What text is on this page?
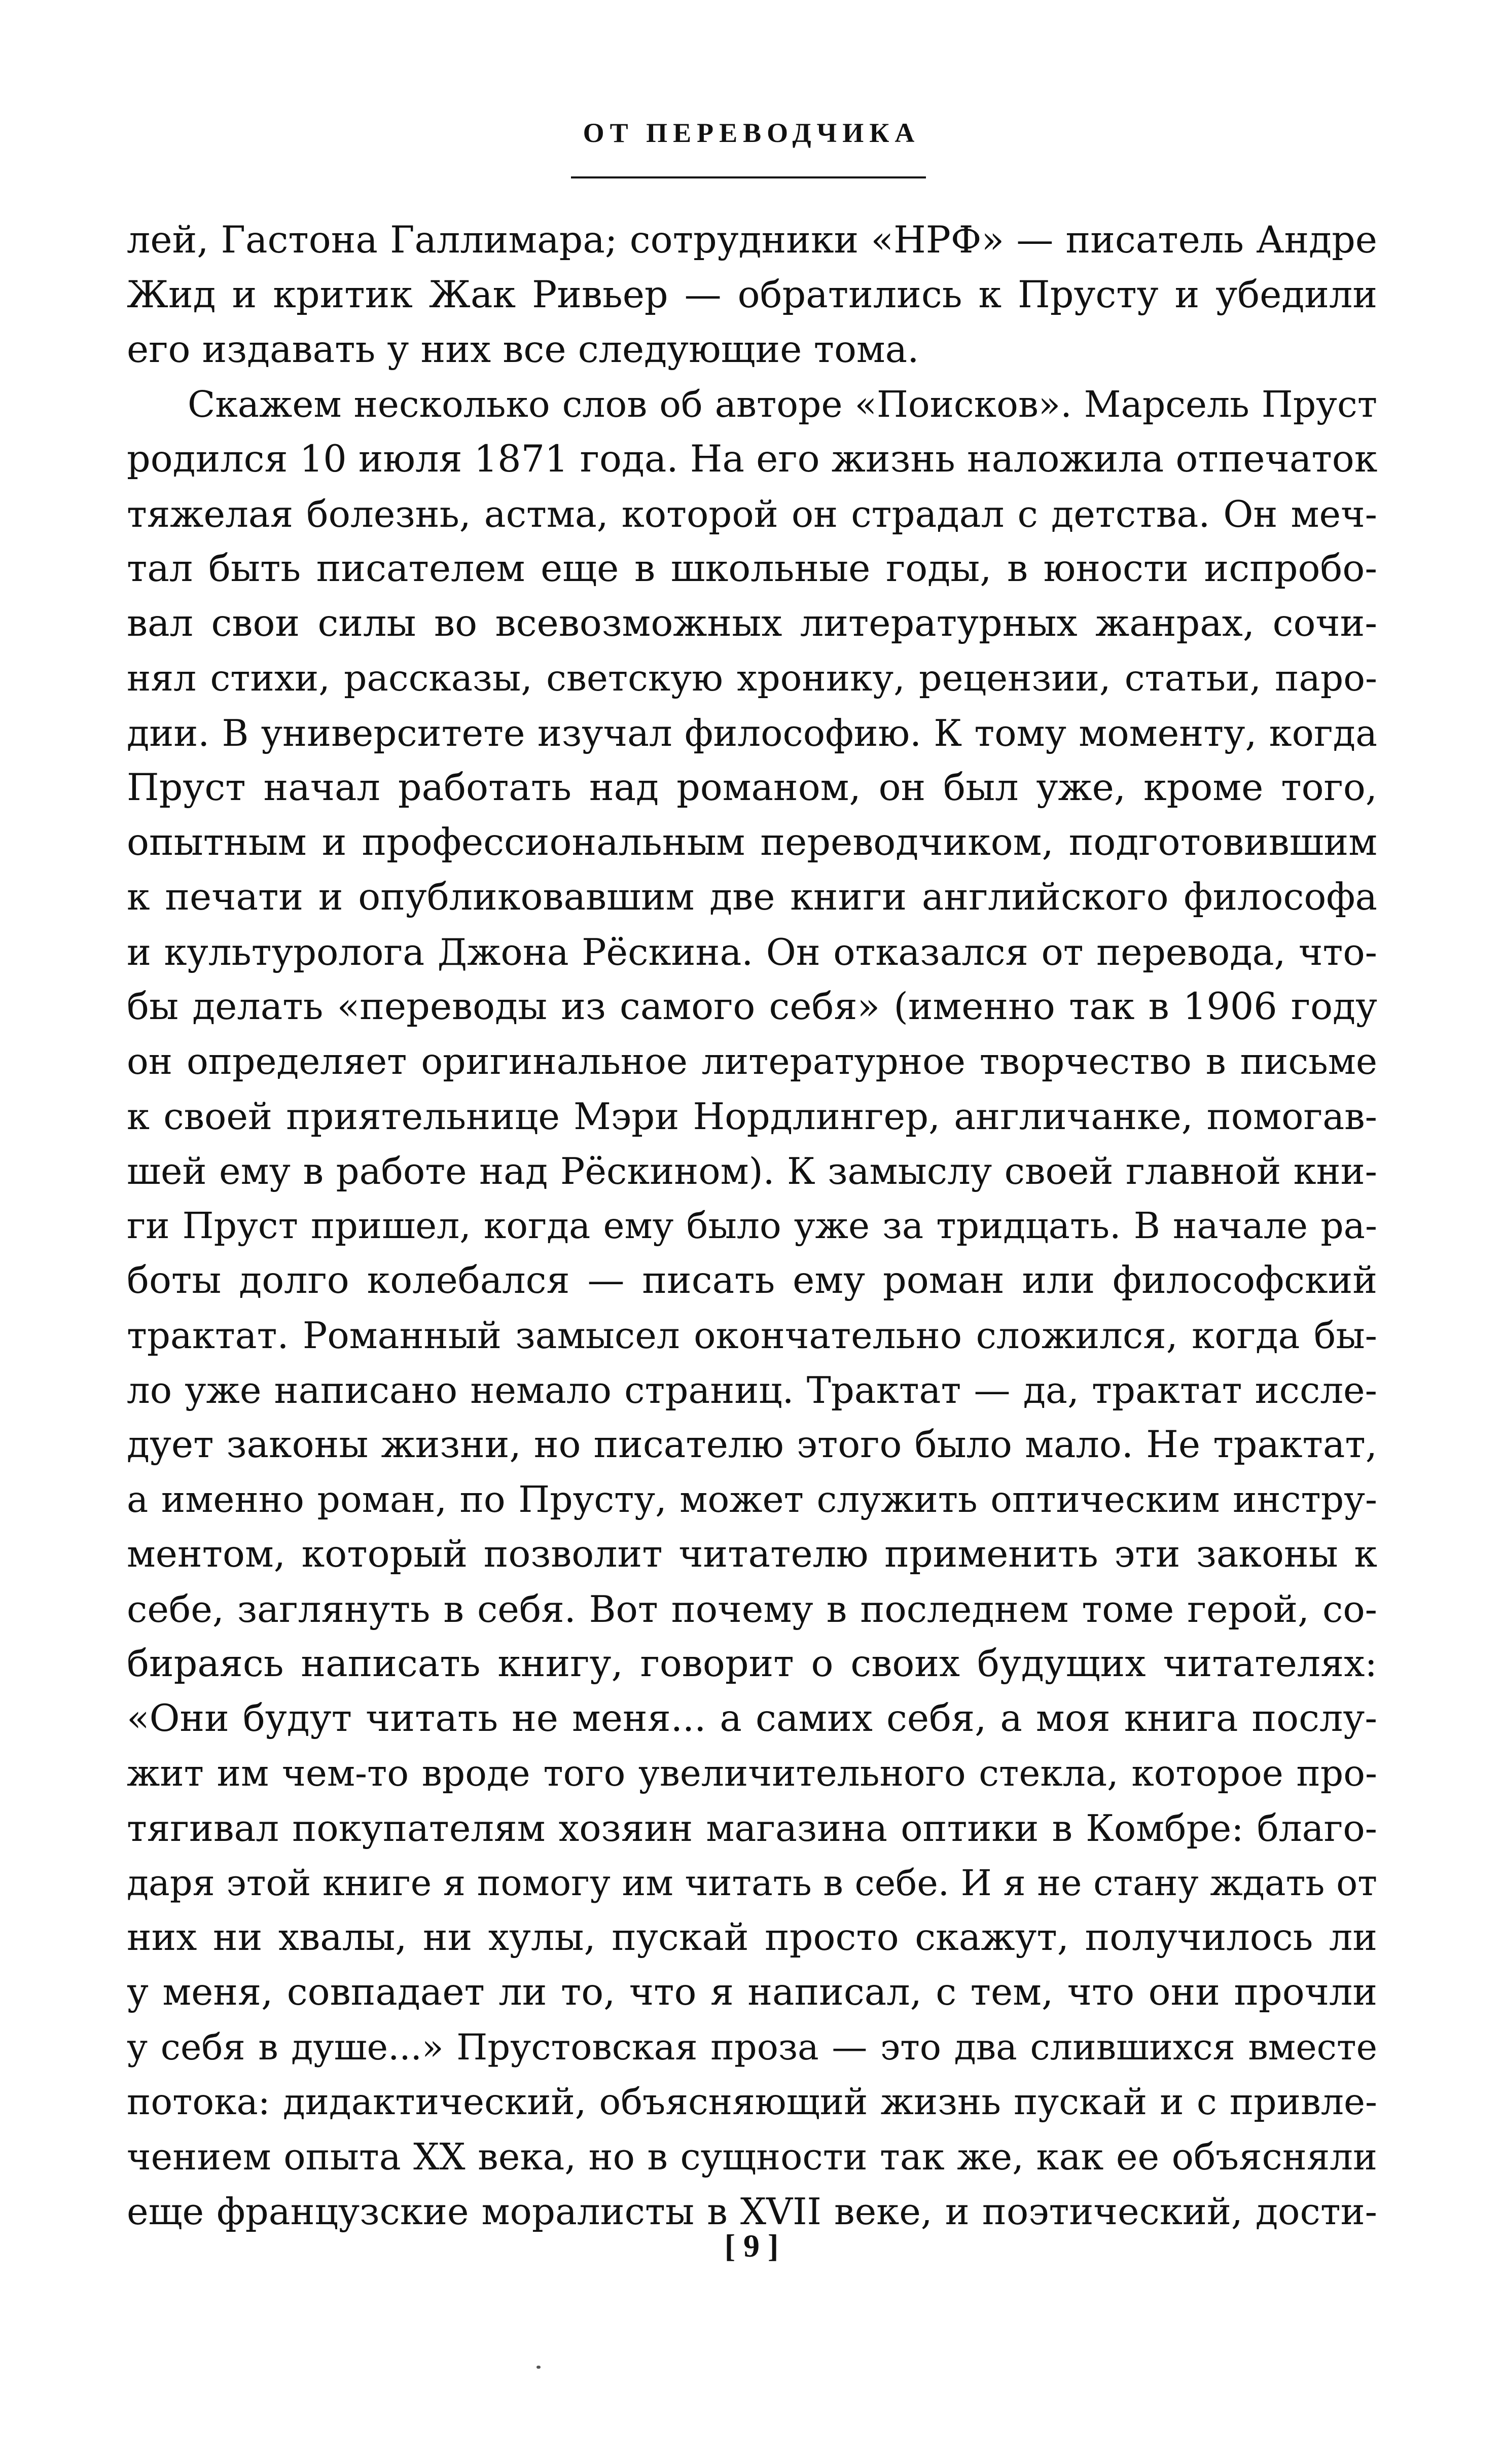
ОТ ПЕРЕВОДЧИКА
лей, Гастона Галлимара; сотрудники «НРФ» — писатель Андре
Жид и критик Жак Ривьер — обратились к Прусту и убедили
его издавать у них все следующие тома.
Скажем несколько слов об авторе «Поисков». Марсель Пруст
родился 10 июля 1871 года. На его жизнь наложила отпечаток
тяжелая болезнь, астма, которой он страдал с детства. Он меч-
тал быть писателем еще в школьные годы, в юности испробо-
вал свои силы во всевозможных литературных жанрах, сочи-
нял стихи, рассказы, светскую хронику, рецензии, статьи, паро-
дии. В университете изучал философию. К тому моменту, когда
Пруст начал работать над романом, он был уже, кроме того,
опытным и профессиональным переводчиком, подготовившим
к печати и опубликовавшим две книги английского философа
и культуролога Джона Рёскина. Он отказался от перевода, что-
бы делать «переводы из самого себя» (именно так в 1906 году
он определяет оригинальное литературное творчество в письме
к своей приятельнице Мэри Нордлингер, англичанке, помогав-
шей ему в работе над Рёскином). К замыслу своей главной кни-
ги Пруст пришел, когда ему было уже за тридцать. В начале ра-
боты долго колебался — писать ему роман или философский
трактат. Романный замысел окончательно сложился, когда бы-
ло уже написано немало страниц. Трактат — да, трактат иссле-
дует законы жизни, но писателю этого было мало. Не трактат,
а именно роман, по Прусту, может служить оптическим инстру-
ментом, который позволит читателю применить эти законы к
себе, заглянуть в себя. Вот почему в последнем томе герой, со-
бираясь написать книгу, говорит о своих будущих читателях:
«Они будут читать не меня... а самих себя, а моя книга послу-
жит им чем-то вроде того увеличительного стекла, которое про-
тягивал покупателям хозяин магазина оптики в Комбре: благо-
даря этой книге я помогу им читать в себе. И я не стану ждать от
них ни хвалы, ни хулы, пускай просто скажут, получилось ли
у меня, совпадает ли то, что я написал, с тем, что они прочли
у себя в душе...» Прустовская проза — это два слившихся вместе
потока: дидактический, объясняющий жизнь пускай и с привле-
чением опыта XX века, но в сущности так же, как ее объясняли
еще французские моралисты в XVII веке, и поэтический, дости-
[ 9 ]
